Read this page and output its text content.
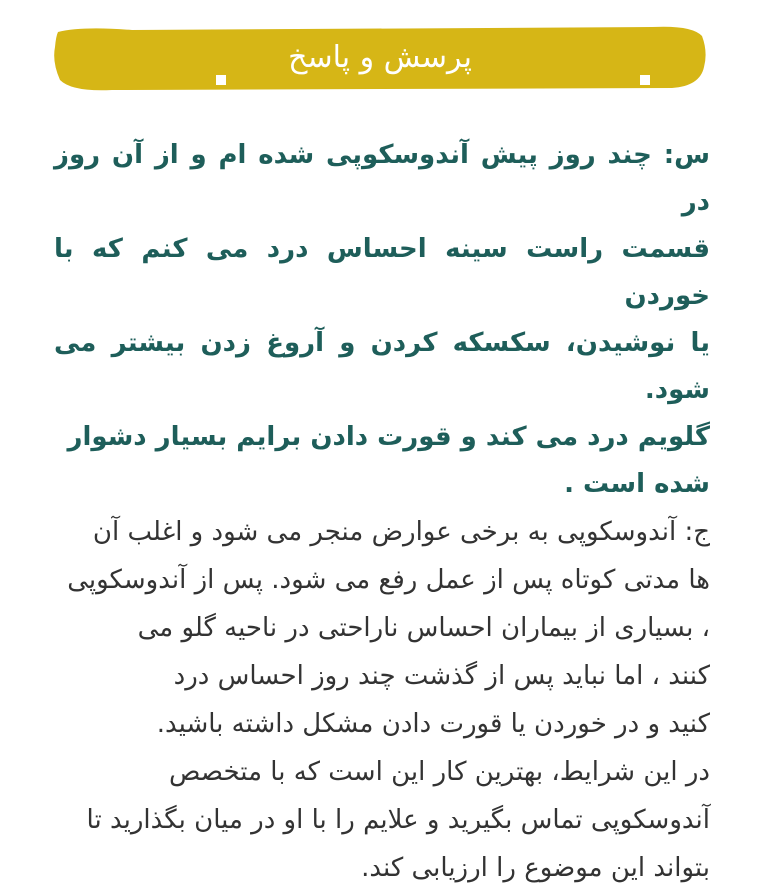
پرسش و پاسخ

س: چند روز پیش آندوسکوپی شده ام و از آن روز در

قسمت راست سینه احساس درد می کنم که با خوردن

یا نوشیدن، سکسکه کردن و آروغ زدن بیشتر می شود.

گلویم درد می کند و قورت دادن برایم بسیار دشوار

شده است .

ج: آندوسکوپی به برخی عوارض منجر می شود و اغلب آن

ها مدتی کوتاه پس از عمل رفع می شود. پس از آندوسکوپی

، بسیاری از بیماران احساس ناراحتی در ناحیه گلو می

کنند ، اما نباید پس از گذشت چند روز احساس درد

کنید و در خوردن یا قورت دادن مشکل داشته باشید.

در این شرایط، بهترین کار این است که با متخصص

آندوسکوپی تماس بگیرید و علایم را با او در میان بگذارید تا

بتواند این موضوع را ارزیابی کند.
